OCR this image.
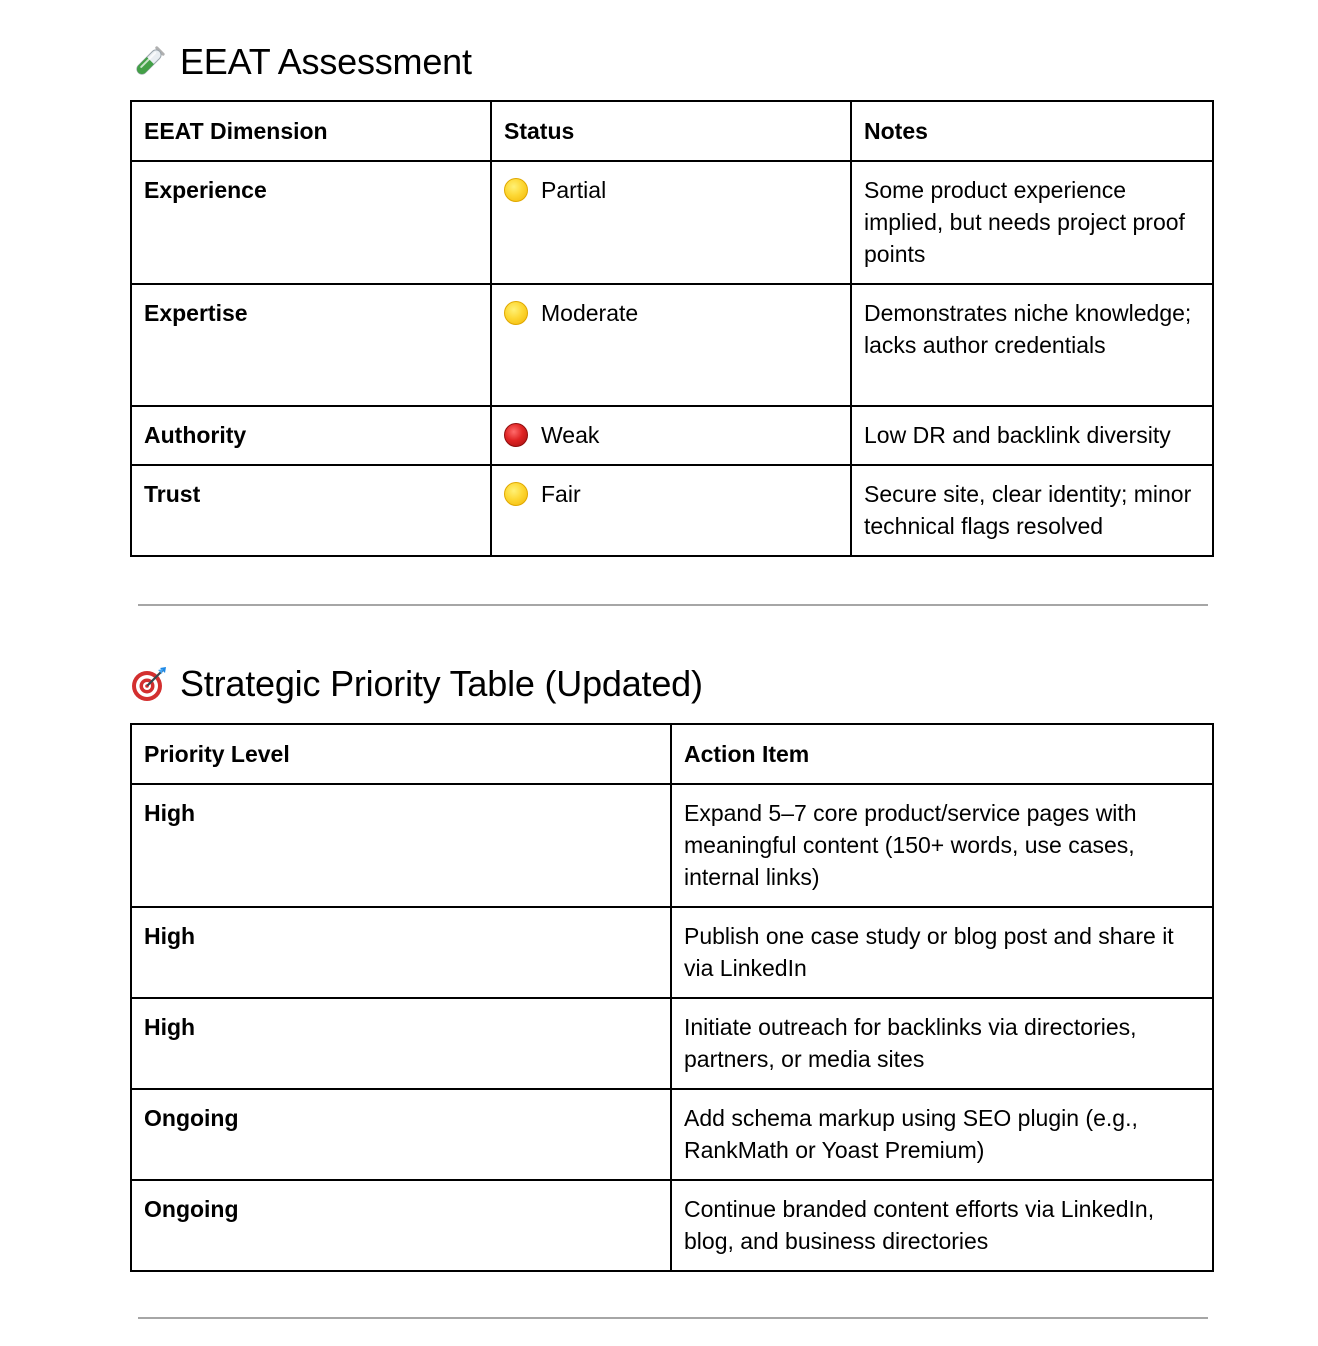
EEAT Assessment
EEAT Dimension	Status	Notes
Experience	Partial	Some product experience implied, but needs project proof points
Expertise	Moderate	Demonstrates niche knowledge; lacks author credentials
Authority	Weak	Low DR and backlink diversity
Trust	Fair	Secure site, clear identity; minor technical flags resolved
Strategic Priority Table (Updated)
Priority Level	Action Item
High	Expand 5–7 core product/service pages with meaningful content (150+ words, use cases, internal links)
High	Publish one case study or blog post and share it via LinkedIn
High	Initiate outreach for backlinks via directories, partners, or media sites
Ongoing	Add schema markup using SEO plugin (e.g., RankMath or Yoast Premium)
Ongoing	Continue branded content efforts via LinkedIn, blog, and business directories
